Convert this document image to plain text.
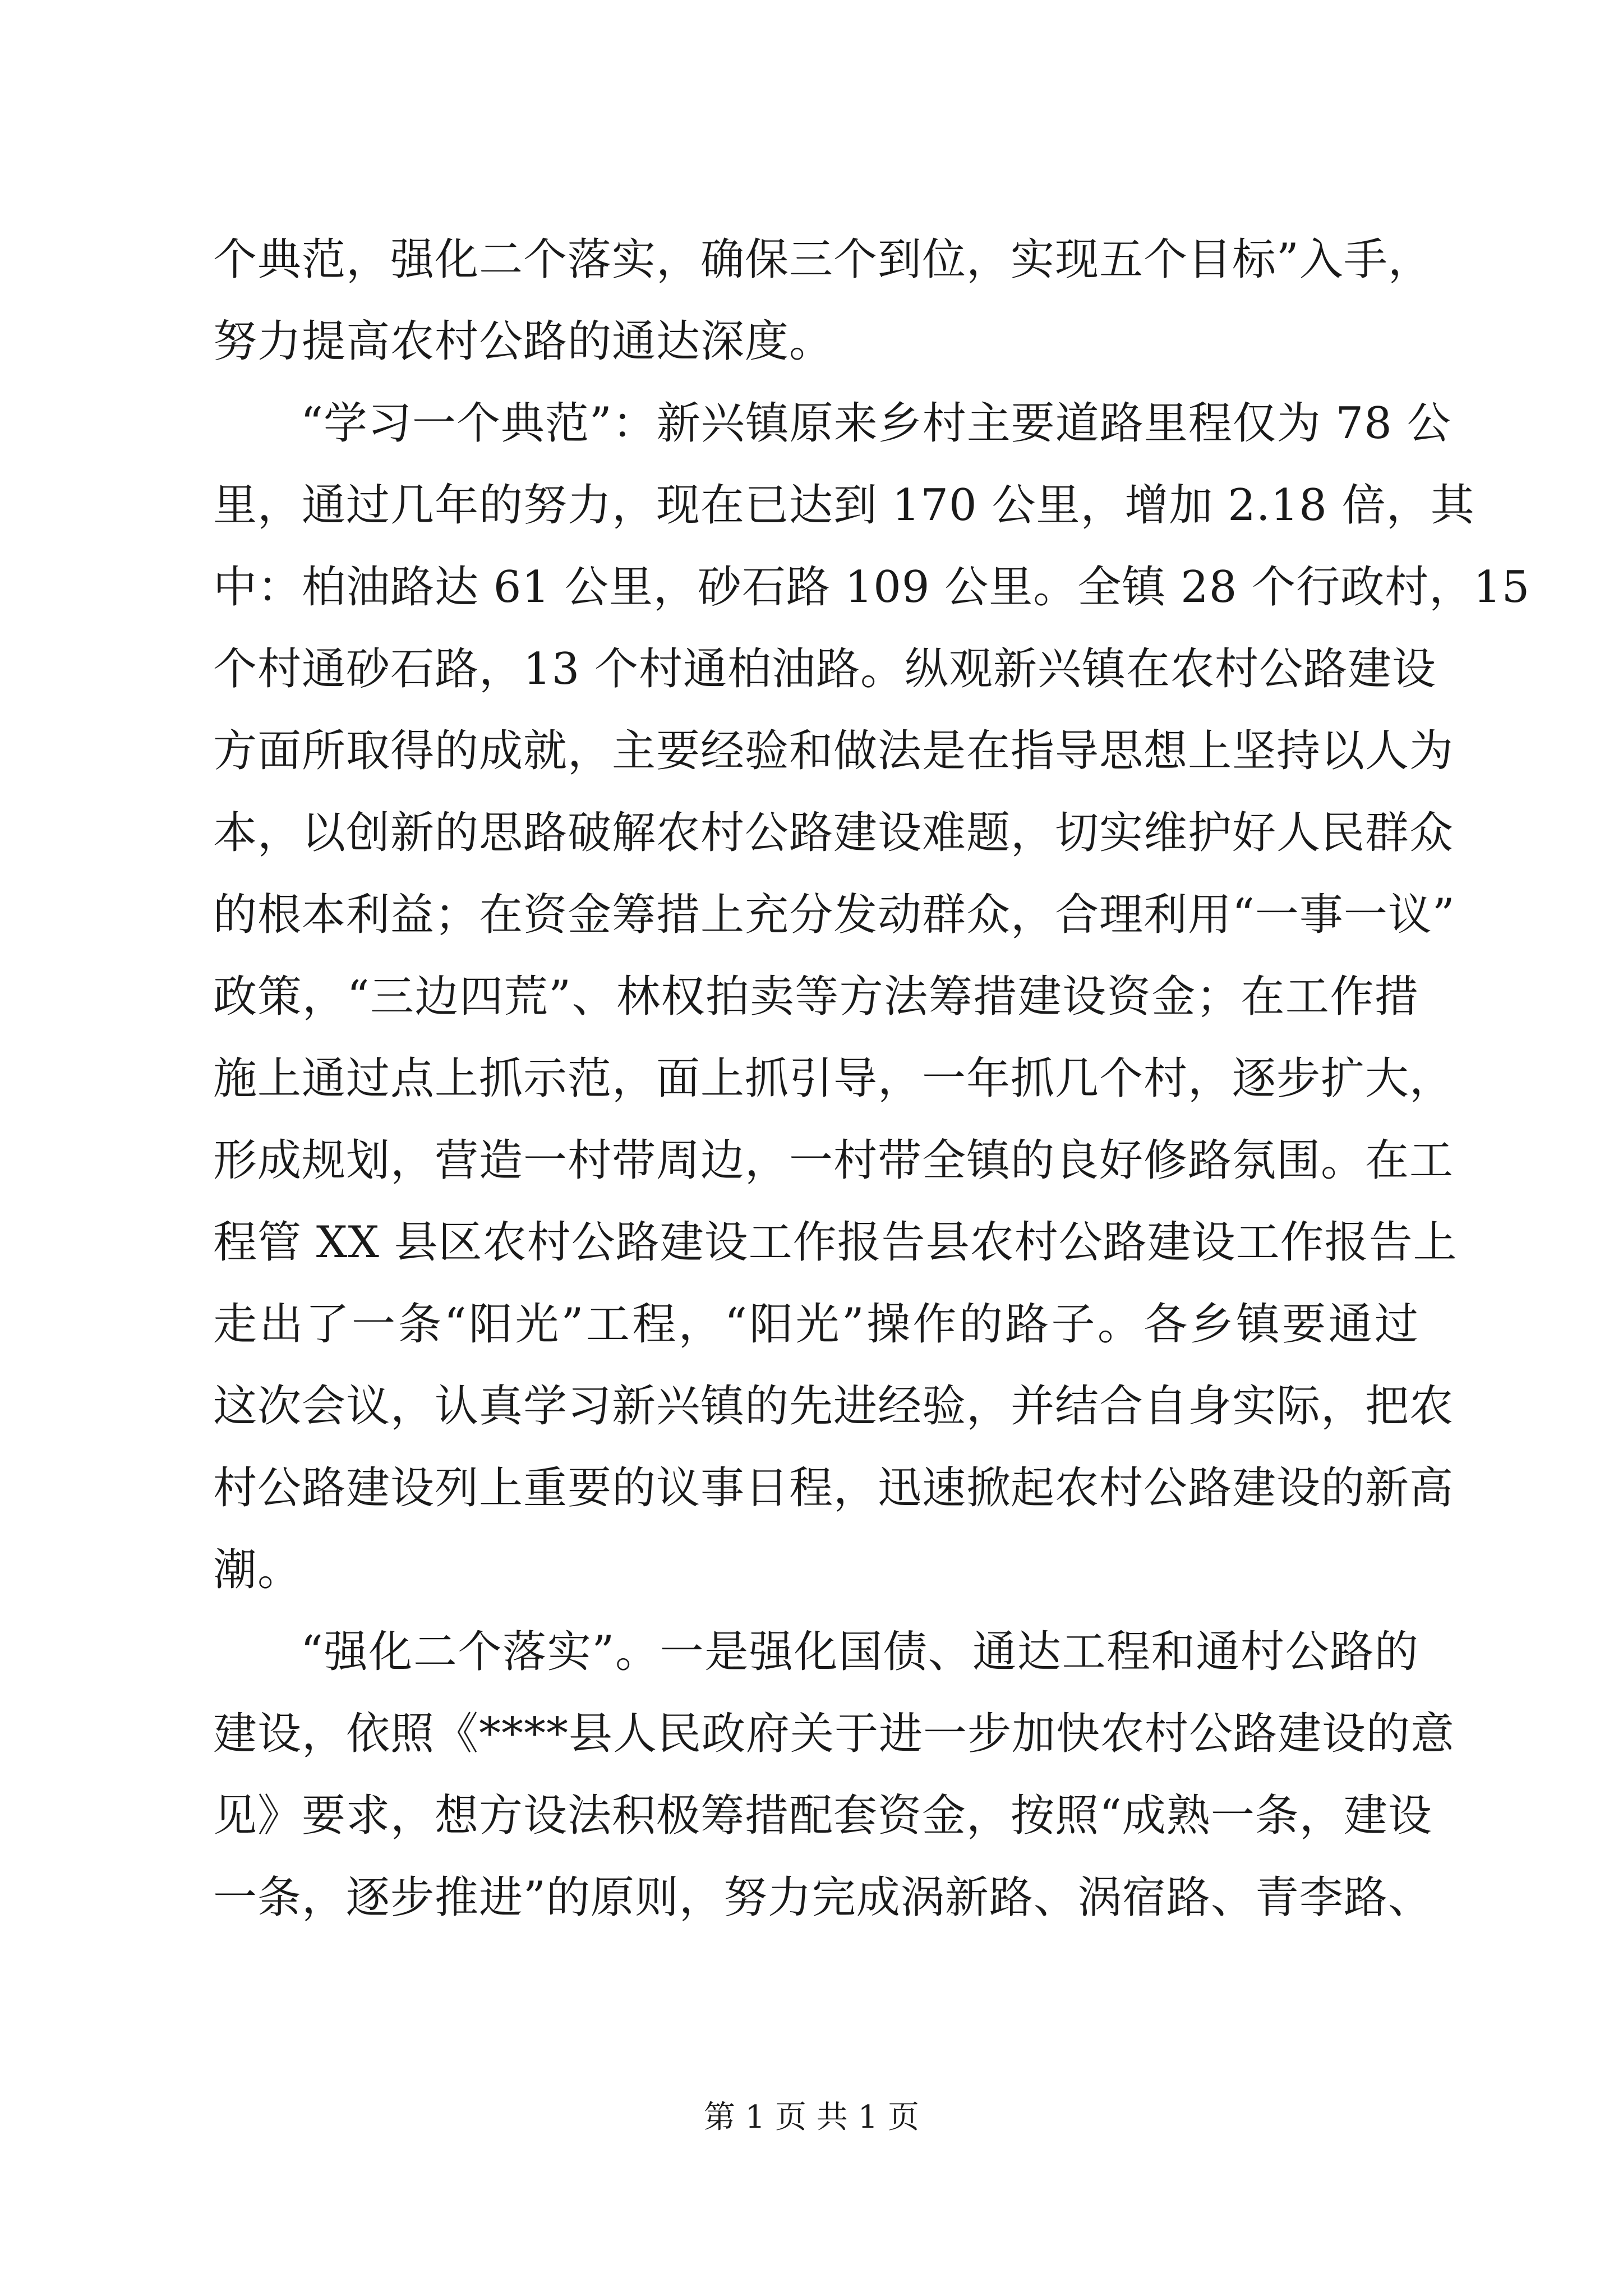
个典范，强化二个落实，确保三个到位，实现五个目标”入手，
努力提高农村公路的通达深度。
“学习一个典范”：新兴镇原来乡村主要道路里程仅为 78 公
里，通过几年的努力，现在已达到 170 公里，增加 2.18 倍，其
中：柏油路达 61 公里，砂石路 109 公里。全镇 28 个行政村，15
个村通砂石路，13 个村通柏油路。纵观新兴镇在农村公路建设
方面所取得的成就，主要经验和做法是在指导思想上坚持以人为
本，以创新的思路破解农村公路建设难题，切实维护好人民群众
的根本利益；在资金筹措上充分发动群众，合理利用“一事一议”
政策，“三边四荒”、林权拍卖等方法筹措建设资金；在工作措
施上通过点上抓示范，面上抓引导，一年抓几个村，逐步扩大，
形成规划，营造一村带周边，一村带全镇的良好修路氛围。在工
程管 XX 县区农村公路建设工作报告县农村公路建设工作报告上
走出了一条“阳光”工程，“阳光”操作的路子。各乡镇要通过
这次会议，认真学习新兴镇的先进经验，并结合自身实际，把农
村公路建设列上重要的议事日程，迅速掀起农村公路建设的新高
潮。
“强化二个落实”。一是强化国债、通达工程和通村公路的
建设，依照《****县人民政府关于进一步加快农村公路建设的意
见》要求，想方设法积极筹措配套资金，按照“成熟一条，建设
一条，逐步推进”的原则，努力完成涡新路、涡宿路、青李路、
第 1 页 共 1 页
